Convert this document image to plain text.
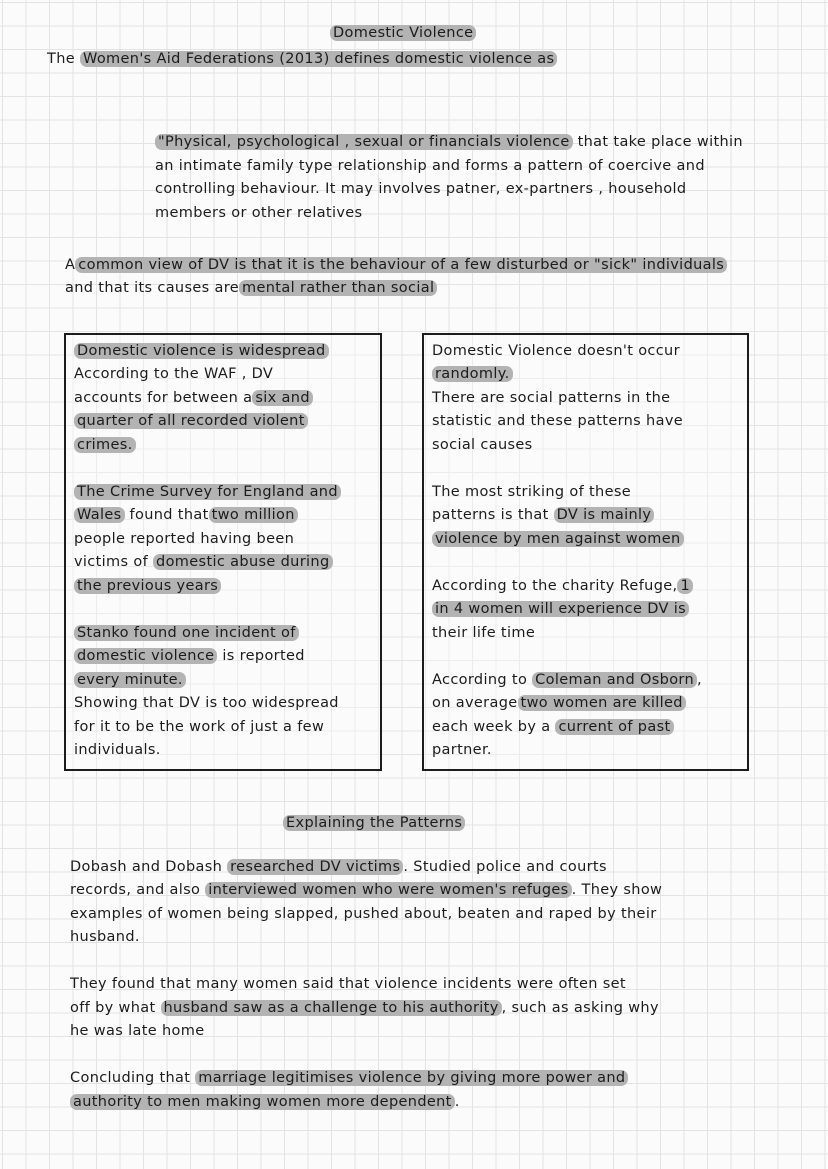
Domestic Violence
The Women's Aid Federations (2013) defines domestic violence as
"Physical, psychological , sexual or financials violence that take place within
an intimate family type relationship and forms a pattern of coercive and
controlling behaviour. It may involves patner, ex-partners , household
members or other relatives
A common view of DV is that it is the behaviour of a few disturbed or "sick" individuals
and that its causes are mental rather than social
Domestic violence is widespread
According to the WAF , DV
accounts for between a six and
quarter of all recorded violent
crimes.
The Crime Survey for England and
Wales found that two million
people reported having been
victims of domestic abuse during
the previous years
Stanko found one incident of
domestic violence is reported
every minute.
Showing that DV is too widespread
for it to be the work of just a few
individuals.
Domestic Violence doesn't occur
randomly.
There are social patterns in the
statistic and these patterns have
social causes
The most striking of these
patterns is that DV is mainly
violence by men against women
According to the charity Refuge, 1
in 4 women will experience DV is
their life time
According to Coleman and Osborn ,
on average two women are killed
each week by a current of past
partner.
Explaining the Patterns
Dobash and Dobash researched DV victims . Studied police and courts
records, and also interviewed women who were women's refuges . They show
examples of women being slapped, pushed about, beaten and raped by their
husband.
They found that many women said that violence incidents were often set
off by what husband saw as a challenge to his authority , such as asking why
he was late home
Concluding that marriage legitimises violence by giving more power and
authority to men making women more dependent .
